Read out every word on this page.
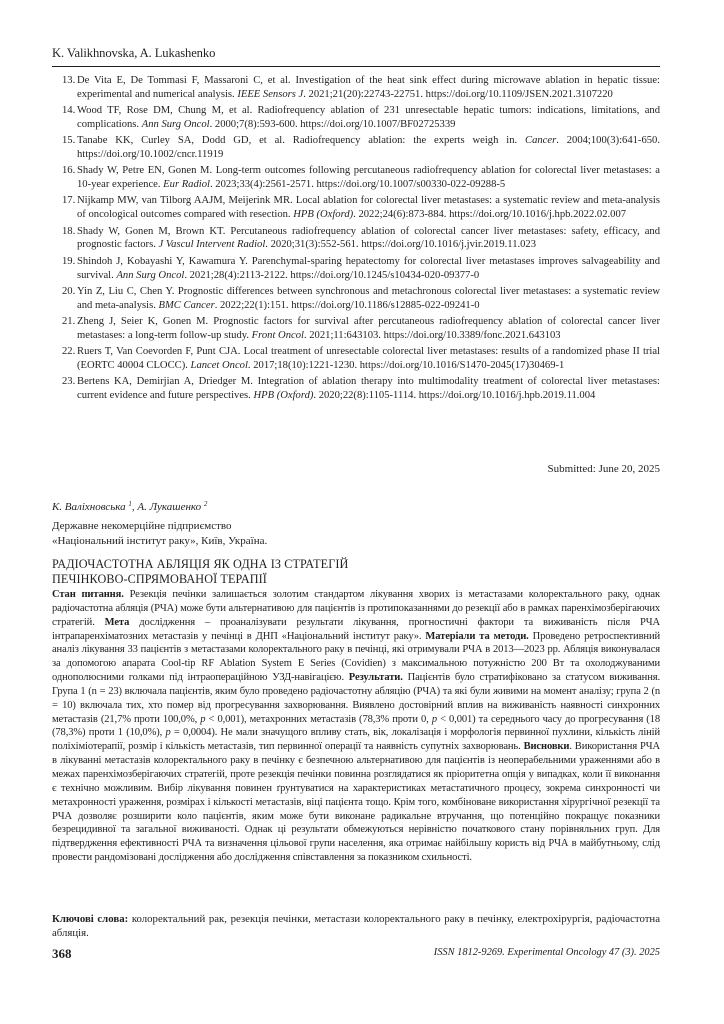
K. Valikhnovska, A. Lukashenko
13. De Vita E, De Tommasi F, Massaroni C, et al. Investigation of the heat sink effect during microwave ablation in hepatic tissue: experimental and numerical analysis. IEEE Sensors J. 2021;21(20):22743-22751. https://doi.org/10.1109/JSEN.2021.3107220
14. Wood TF, Rose DM, Chung M, et al. Radiofrequency ablation of 231 unresectable hepatic tumors: indications, limitations, and complications. Ann Surg Oncol. 2000;7(8):593-600. https://doi.org/10.1007/BF02725339
15. Tanabe KK, Curley SA, Dodd GD, et al. Radiofrequency ablation: the experts weigh in. Cancer. 2004;100(3):641-650. https://doi.org/10.1002/cncr.11919
16. Shady W, Petre EN, Gonen M. Long-term outcomes following percutaneous radiofrequency ablation for colorectal liver metastases: a 10-year experience. Eur Radiol. 2023;33(4):2561-2571. https://doi.org/10.1007/s00330-022-09288-5
17. Nijkamp MW, van Tilborg AAJM, Meijerink MR. Local ablation for colorectal liver metastases: a systematic review and meta-analysis of oncological outcomes compared with resection. HPB (Oxford). 2022;24(6):873-884. https://doi.org/10.1016/j.hpb.2022.02.007
18. Shady W, Gonen M, Brown KT. Percutaneous radiofrequency ablation of colorectal cancer liver metastases: safety, efficacy, and prognostic factors. J Vascul Intervent Radiol. 2020;31(3):552-561. https://doi.org/10.1016/j.jvir.2019.11.023
19. Shindoh J, Kobayashi Y, Kawamura Y. Parenchymal-sparing hepatectomy for colorectal liver metastases improves salvageability and survival. Ann Surg Oncol. 2021;28(4):2113-2122. https://doi.org/10.1245/s10434-020-09377-0
20. Yin Z, Liu C, Chen Y. Prognostic differences between synchronous and metachronous colorectal liver metastases: a systematic review and meta-analysis. BMC Cancer. 2022;22(1):151. https://doi.org/10.1186/s12885-022-09241-0
21. Zheng J, Seier K, Gonen M. Prognostic factors for survival after percutaneous radiofrequency ablation of colorectal cancer liver metastases: a long-term follow-up study. Front Oncol. 2021;11:643103. https://doi.org/10.3389/fonc.2021.643103
22. Ruers T, Van Coevorden F, Punt CJA. Local treatment of unresectable colorectal liver metastases: results of a randomized phase II trial (EORTC 40004 CLOCC). Lancet Oncol. 2017;18(10):1221-1230. https://doi.org/10.1016/S1470-2045(17)30469-1
23. Bertens KA, Demirjian A, Driedger M. Integration of ablation therapy into multimodality treatment of colorectal liver metastases: current evidence and future perspectives. HPB (Oxford). 2020;22(8):1105-1114. https://doi.org/10.1016/j.hpb.2019.11.004
Submitted: June 20, 2025
К. Валіхновська $^1$, А. Лукашенко $^2$
Державне некомерційне підприємство
«Національний інститут раку», Київ, Україна.
РАДІОЧАСТОТНА АБЛЯЦІЯ ЯК ОДНА ІЗ СТРАТЕГІЙ
ПЕЧІНКОВО-СПРЯМОВАНОЇ ТЕРАПІЇ

Стан питання. Резекція печінки залишається золотим стандартом лікування хворих із метастазами колоректального раку, однак радіочастотна абляція (РЧА) може бути альтернативою для пацієнтів із протипоказаннями до резекції або в рамках паренхімозберігаючих стратегій. Мета дослідження – проаналізувати результати лікування, прогностичні фактори та виживаність після РЧА інтрапаренхіматозних метастазів у печінці в ДНП «Національний інститут раку». Матеріали та методи. Проведено ретроспективний аналіз лікування 33 пацієнтів з метастазами колоректального раку в печінці, які отримували РЧА в 2013—2023 рр. Абляція виконувалася за допомогою апарата Cool-tip RF Ablation System E Series (Covidien) з максимальною потужністю 200 Вт та охолоджуваними однополюсними голками під інтраопераційною УЗД-навігацією. Результати. Пацієнтів було стратифіковано за статусом виживання. Група 1 (n = 23) включала пацієнтів, яким було проведено радіочастотну абляцію (РЧА) та які були живими на момент аналізу; група 2 (n = 10) включала тих, хто помер від прогресування захворювання. Виявлено достовірний вплив на виживаність наявності синхронних метастазів (21,7% проти 100,0%, p < 0,001), метахронних метастазів (78,3% проти 0, p < 0,001) та середнього часу до прогресування (18 (78,3%) проти 1 (10,0%), p = 0,0004). Не мали значущого впливу стать, вік, локалізація і морфологія первинної пухлини, кількість ліній поліхіміотерапії, розмір і кількість метастазів, тип первинної операції та наявність супутніх захворювань. Висновки. Використання РЧА в лікуванні метастазів колоректального раку в печінку є безпечною альтернативою для пацієнтів із неоперабельними ураженнями або в межах паренхімозберігаючих стратегій, проте резекція печінки повинна розглядатися як пріоритетна опція у випадках, коли її виконання є технічно можливим. Вибір лікування повинен ґрунтуватися на характеристиках метастатичного процесу, зокрема синхронності чи метахронності ураження, розмірах і кількості метастазів, віці пацієнта тощо. Крім того, комбіноване використання хірургічної резекції та РЧА дозволяє розширити коло пацієнтів, яким може бути виконане радикальне втручання, що потенційно покращує показники безрецидивної та загальної виживаності. Однак ці результати обмежуються нерівністю початкового стану порівняльних груп. Для підтвердження ефективності РЧА та визначення цільової групи населення, яка отримає найбільшу користь від РЧА в майбутньому, слід провести рандомізовані дослідження або дослідження співставлення за показником схильності.

Ключові слова: колоректальний рак, резекція печінки, метастази колоректального раку в печінку, електрохірургія, радіочастотна абляція.

368	ISSN 1812-9269. Experimental Oncology 47 (3). 2025
